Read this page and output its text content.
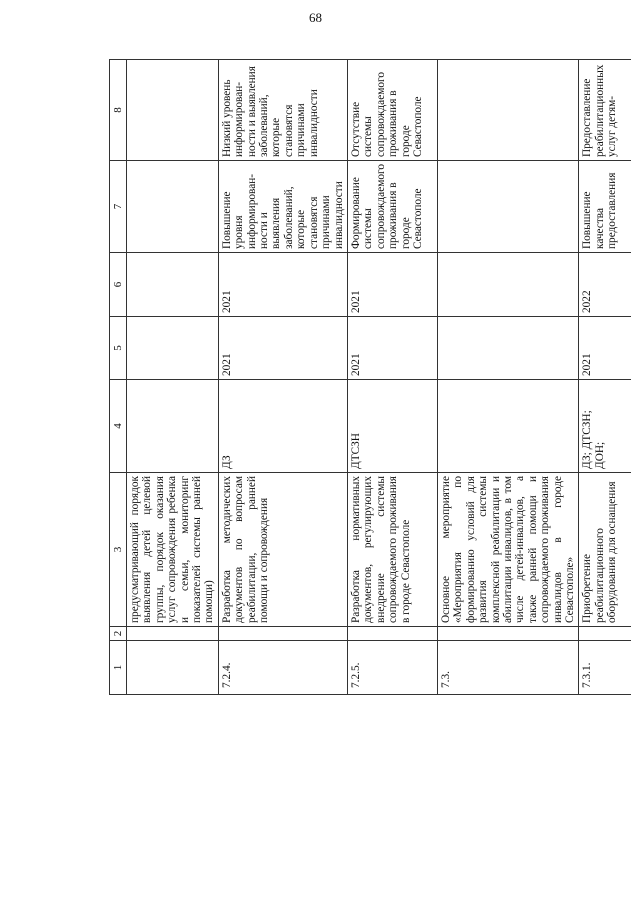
68
1	2	3	4	5	6	7	8
		предусматривающий порядок выявления детей целевой группы, порядок оказания услуг сопровождения ребенка и семьи, мониторинг показателей системы ранней помощи)					
7.2.4.		Разработка методических документов по вопросам реабилитации, ранней помощи и сопровождения	ДЗ	2021	2021	Повышение уровня информирован-ности и выявления заболеваний, которые становятся причинами инвалидности	Низкий уровень информирован-ности и выявления заболеваний, которые становятся причинами инвалидности
7.2.5.		Разработка нормативных документов, регулирующих внедрение системы сопровождаемого проживания в городе Севастополе	ДТСЗН	2021	2021	Формирование системы сопровождаемого проживания в городе Севастополе	Отсутствие системы сопровождаемого проживания в городе Севастополе
7.3.		Основное мероприятие «Мероприятия по формированию условий для развития системы комплексной реабилитации и абилитации инвалидов, в том числе детей-инвалидов, а также ранней помощи и сопровождаемого проживания инвалидов в городе Севастополе»					
7.3.1.		Приобретение реабилитационного оборудования для оснащения	ДЗ; ДТСЗН; ДОН;	2021	2022	Повышение качества предоставления	Предоставление реабилитационных услуг детям-
